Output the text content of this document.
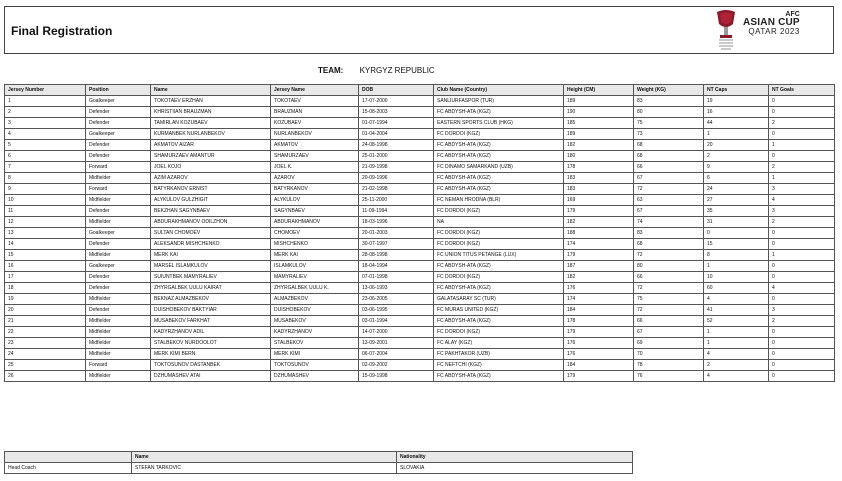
Final Registration
AFC
ASIAN CUP
QATAR 2023
TEAM: KYRGYZ REPUBLIC
Jersey Number	Position	Name	Jersey Name	DOB	Club Name (Country)	Height (CM)	Weight (KG)	NT Caps	NT Goals
1	Goalkeeper	TOKOTAEV ERZHAN	TOKOTAEV	17-07-2000	SANLIURFASPOR (TUR)	189	83	19	0
2	Defender	KHRISTIIAN BRAUZMAN	BRAUZMAN	15-08-2003	FC ABDYSH-ATA (KGZ)	190	80	16	0
3	Defender	TAMIRLAN KOZUBAEV	KOZUBAEV	01-07-1994	EASTERN SPORTS CLUB (HKG)	185	75	44	2
4	Goalkeeper	KURMANBEK NURLANBEKOV	NURLANBEKOV	01-04-2004	FC DORDOI (KGZ)	189	73	1	0
5	Defender	AKMATOV AIZAR	AKMATOV	24-08-1998	FC ABDYSH-ATA (KGZ)	182	68	20	1
6	Defender	SHAMURZAEV AMANTUR	SHAMURZAEV	25-01-2000	FC ABDYSH-ATA (KGZ)	180	68	2	0
7	Forward	JOEL KOJO	JOEL K.	21-09-1998	FC DINAMO SAMARKAND (UZB)	178	66	9	2
8	Midfielder	AZIM AZAROV	AZAROV	20-09-1996	FC ABDYSH-ATA (KGZ)	183	67	6	1
9	Forward	BATYRKANOV ERNIST	BATYRKANOV	21-02-1998	FC ABDYSH-ATA (KGZ)	183	72	24	3
10	Midfielder	ALYKULOV GULZHIGIT	ALYKULOV	25-11-2000	FC NEMAN HRODNA (BLR)	169	63	27	4
11	Defender	BEKZHAN SAGYNBAEV	SAGYNBAEV	11-09-1994	FC DORDOI (KGZ)	179	67	35	3
12	Midfielder	ABDURAKHMANOV ODILZHON	ABDURAKHMANOV	18-03-1996	NA	182	74	31	2
13	Goalkeeper	SULTAN CHOMOEV	CHOMOEV	20-01-2003	FC DORDOI (KGZ)	188	83	0	0
14	Defender	ALEKSANDR MISHCHENKO	MISHCHENKO	30-07-1997	FC DORDOI (KGZ)	174	68	15	0
15	Midfielder	MERK KAI	MERK KAI	28-08-1998	FC UNION TITUS PETANGE (LUX)	179	72	8	1
16	Goalkeeper	MARSEL ISLAMKULOV	ISLAMKULOV	18-04-1994	FC ABDYSH-ATA (KGZ)	187	80	1	0
17	Defender	SUIUNTBEK MAMYRALIEV	MAMYRALIEV	07-01-1998	FC DORDOI (KGZ)	182	66	10	0
18	Defender	ZHYRGALBEK UULU KAIRAT	ZHYRGALBEK UULU K.	13-06-1993	FC ABDYSH-ATA (KGZ)	176	72	60	4
19	Midfielder	BEKNAZ ALMAZBEKOV	ALMAZBEKOV	23-06-2005	GALATASARAY SC (TUR)	174	75	4	0
20	Defender	DUISHOBEKOV BAKTYIAR	DUISHOBEKOV	03-06-1995	FC MURAS UNITED (KGZ)	184	72	41	3
21	Midfielder	MUSABEKOV FARKHAT	MUSABEKOV	03-01-1994	FC ABDYSH-ATA (KGZ)	178	66	52	2
22	Midfielder	KADYRZHANOV ADIL	KADYRZHANOV	14-07-2000	FC DORDOI (KGZ)	179	67	1	0
23	Midfielder	STALBEKOV NURDOOLOT	STALBEKOV	13-09-2001	FC ALAY (KGZ)	176	69	1	0
24	Midfielder	MERK KIMI BERN	MERK KIMI	06-07-2004	FC PAKHTAKOR (UZB)	176	70	4	0
25	Forward	TOKTOSUNOV DASTANBEK	TOKTOSUNOV	02-09-2002	FC NEFTCHI (KGZ)	184	78	2	0
26	Midfielder	DZHUMASHEV ATAI	DZHUMASHEV	15-09-1998	FC ABDYSH-ATA (KGZ)	179	76	4	0
	Name	Nationality
Head Coach	STEFAN TARKOVIC	SLOVAKIA
